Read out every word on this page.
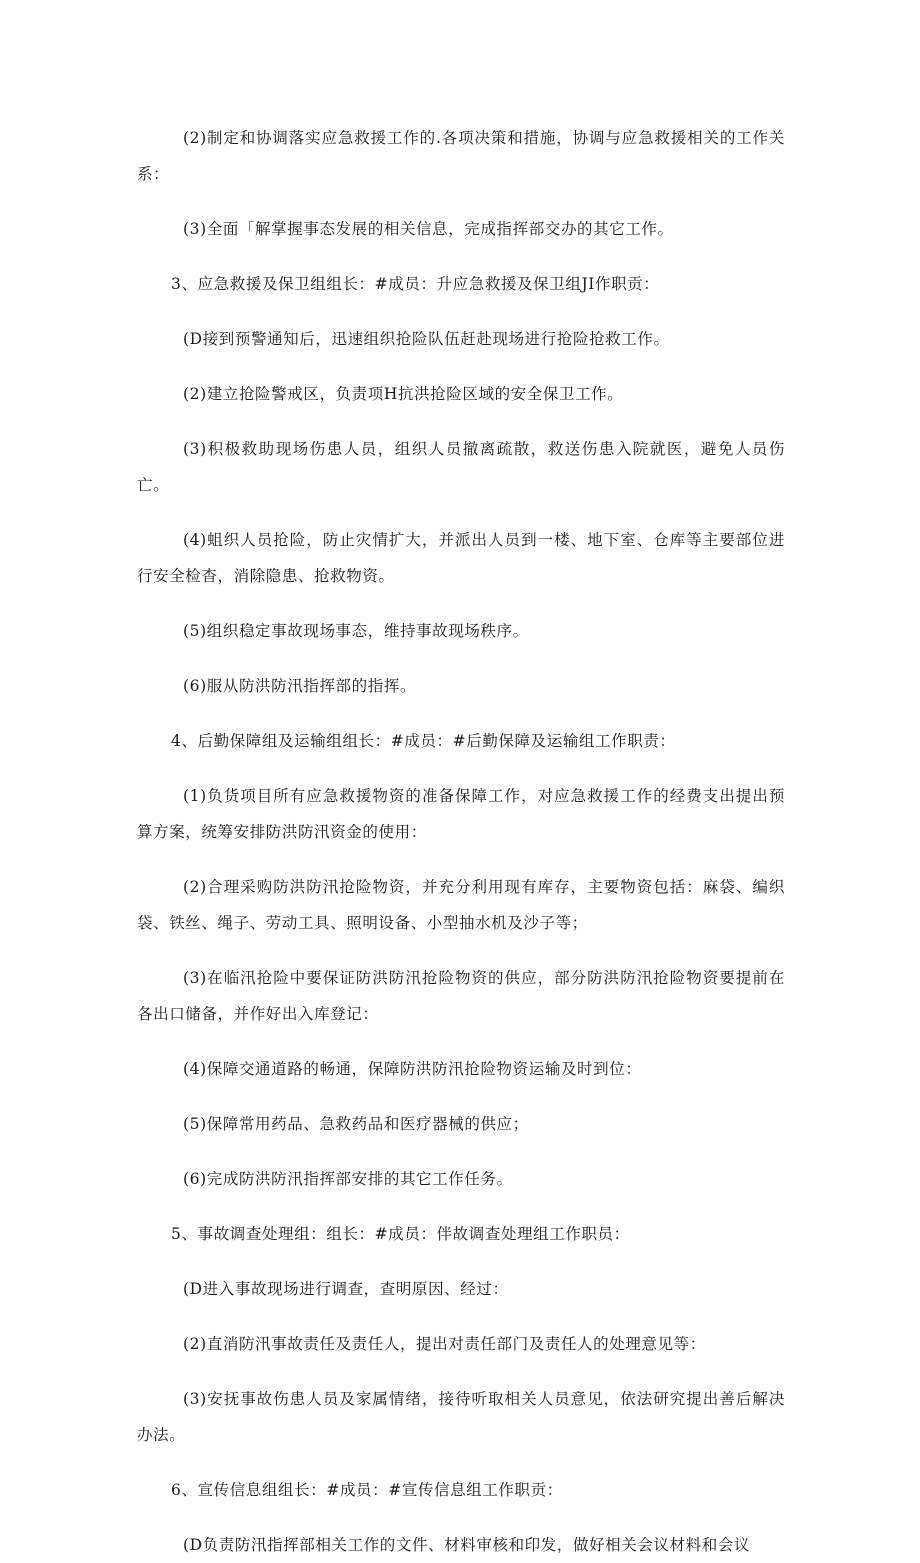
(2)制定和协调落实应急救援工作的.各项决策和措施，协调与应急救援相关的工作关系：

(3)全面「解掌握事态发展的相关信息，完成指挥部交办的其它工作。

3、应急救援及保卫组组长：#成员：升应急救援及保卫组JI作职贡：

(D接到预警通知后，迅速组织抢险队伍赶赴现场进行抢险抢救工作。

(2)建立抢险警戒区，负责项H抗洪抢险区域的安全保卫工作。

(3)积极救助现场伤患人员，组织人员撤离疏散，救送伤患入院就医，避免人员伤亡。

(4)蛆织人员抢险，防止灾情扩大，并派出人员到一楼、地下室、仓库等主要部位进行安全检杳，消除隐患、抢救物资。

(5)组织稳定事故现场事态，维持事故现场秩序。

(6)服从防洪防汛指挥部的指挥。

4、后勤保障组及运输组组长：#成员：#后勤保障及运输组工作职责：

(1)负货项目所有应急救援物资的准备保障工作，对应急救援工作的经费支出提出预算方案，统筹安排防洪防汛资金的使用：

(2)合理采购防洪防汛抢险物资，并充分利用现有库存，主要物资包括：麻袋、编织袋、铁丝、绳子、劳动工具、照明设备、小型抽水机及沙子等；

(3)在临汛抢险中要保证防洪防汛抢险物资的供应，部分防洪防汛抢险物资要提前在各出口储备，并作好出入库登记：

(4)保障交通道路的畅通，保障防洪防汛抢险物资运输及时到位：

(5)保障常用药品、急救药品和医疗器械的供应；

(6)完成防洪防汛指挥部安排的其它工作任务。

5、事故调查处理组：组长：#成员：伴故调查处理组工作职员：

(D进入事故现场进行调查，查明原因、经过：

(2)直消防汛事故责任及责任人，提出对责任部门及责任人的处理意见等：

(3)安抚事故伤患人员及家属情绪，接待听取相关人员意见，依法研究提出善后解决办法。

6、宣传信息组组长：#成员：#宣传信息组工作职贡：

(D负责防汛指挥部相关工作的文件、材料审核和印发，做好相关会议材料和会议
